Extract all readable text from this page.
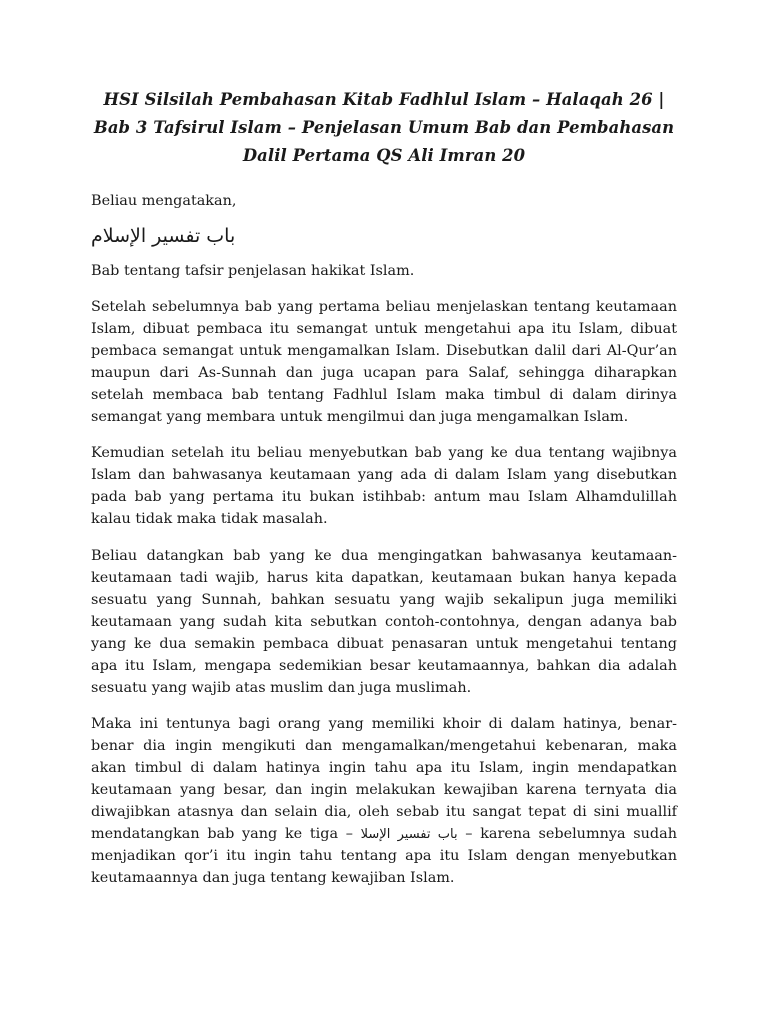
HSI Silsilah Pembahasan Kitab Fadhlul Islam – Halaqah 26 |
Bab 3 Tafsirul Islam – Penjelasan Umum Bab dan Pembahasan
Dalil Pertama QS Ali Imran 20

Beliau mengatakan,

باب تفسير الإسلام

Bab tentang tafsir penjelasan hakikat Islam.

Setelah sebelumnya bab yang pertama beliau menjelaskan tentang keutamaan Islam, dibuat pembaca itu semangat untuk mengetahui apa itu Islam, dibuat pembaca semangat untuk mengamalkan Islam. Disebutkan dalil dari Al-Qur’an maupun dari As-Sunnah dan juga ucapan para Salaf, sehingga diharapkan setelah membaca bab tentang Fadhlul Islam maka timbul di dalam dirinya semangat yang membara untuk mengilmui dan juga mengamalkan Islam.

Kemudian setelah itu beliau menyebutkan bab yang ke dua tentang wajibnya Islam dan bahwasanya keutamaan yang ada di dalam Islam yang disebutkan pada bab yang pertama itu bukan istihbab: antum mau Islam Alhamdulillah kalau tidak maka tidak masalah.

Beliau datangkan bab yang ke dua mengingatkan bahwasanya keutamaan-keutamaan tadi wajib, harus kita dapatkan, keutamaan bukan hanya kepada sesuatu yang Sunnah, bahkan sesuatu yang wajib sekalipun juga memiliki keutamaan yang sudah kita sebutkan contoh-contohnya, dengan adanya bab yang ke dua semakin pembaca dibuat penasaran untuk mengetahui tentang apa itu Islam, mengapa sedemikian besar keutamaannya, bahkan dia adalah sesuatu yang wajib atas muslim dan juga muslimah.

Maka ini tentunya bagi orang yang memiliki khoir di dalam hatinya, benar-benar dia ingin mengikuti dan mengamalkan/mengetahui kebenaran, maka akan timbul di dalam hatinya ingin tahu apa itu Islam, ingin mendapatkan keutamaan yang besar, dan ingin melakukan kewajiban karena ternyata dia diwajibkan atasnya dan selain dia, oleh sebab itu sangat tepat di sini muallif mendatangkan bab yang ke tiga – باب تفسير الإسلا – karena sebelumnya sudah menjadikan qor’i itu ingin tahu tentang apa itu Islam dengan menyebutkan keutamaannya dan juga tentang kewajiban Islam.
